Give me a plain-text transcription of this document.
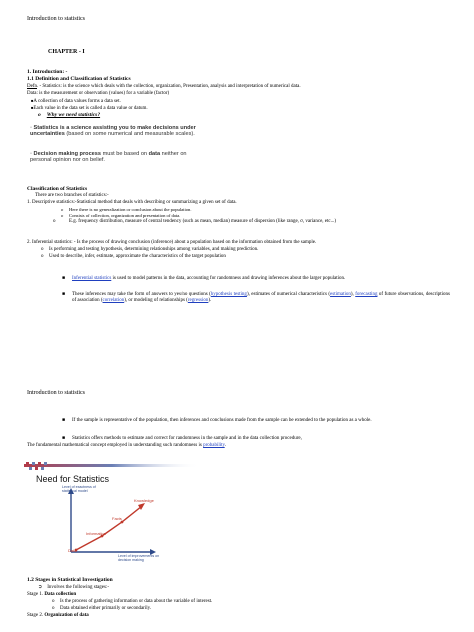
Introduction to statistics
CHAPTER - I
1. Introduction: -
1.1 Definition and Classification of Statistics
Defn. - Statistics: is the science which deals with the collection, organization, Presentation, analysis and interpretation of numerical data.
Data: is the measurement or observation (values) for a variable (factor)
■A collection of data values forms a data set.
■Each value in the data set is called a data value or datum.
o Why we need statistics?
▫ Statistics is a science assisting you to make decisions under uncertainties (based on some numerical and measurable scales).
▫ Decision making process must be based on data neither on personal opinion nor on belief.
Classification of Statistics
There are two branches of statistics:-
1. Descriptive statistics:-Statistical method that deals with describing or summarizing a given set of data.
o Here there is no generalization or conclusion about the population.
o Consists of collection, organization and presentation of data.
o	E.g. frequency distribution, measure of central tendency (such as mean, median) measure of dispersion (like range, σ, variance, etc...)
2. Inferential statistics: - Is the process of drawing conclusion (inference) about a population based on the information obtained from the sample.
o Is performing and testing hypothesis, determining relationships among variables, and making prediction.
o Used to describe, infer, estimate, approximate the characteristics of the target population
■ Inferential statistics is used to model patterns in the data, accounting for randomness and drawing inferences about the larger population.
■ These inferences may take the form of answers to yes/no questions (hypothesis testing), estimates of numerical characteristics (estimation), forecasting of future observations, descriptions of association (correlation), or modeling of relationships (regression).
Introduction to statistics
■ If the sample is representative of the population, then inferences and conclusions made from the sample can be extended to the population as a whole.
■ Statistics offers methods to estimate and correct for randomness in the sample and in the data collection procedure,
The fundamental mathematical concept employed in understanding such randomness is probability.
Need for Statistics
Level of exactness of statistical model
Level of improvements on decision making
Data
Information
Facts
Knowledge
1.2 Stages in Statistical Investigation
➲ Involves the following stages:-
Stage 1. Data collection
o Is the process of gathering information or data about the variable of interest.
o Data obtained either primarily or secondarily.
Stage 2. Organization of data
